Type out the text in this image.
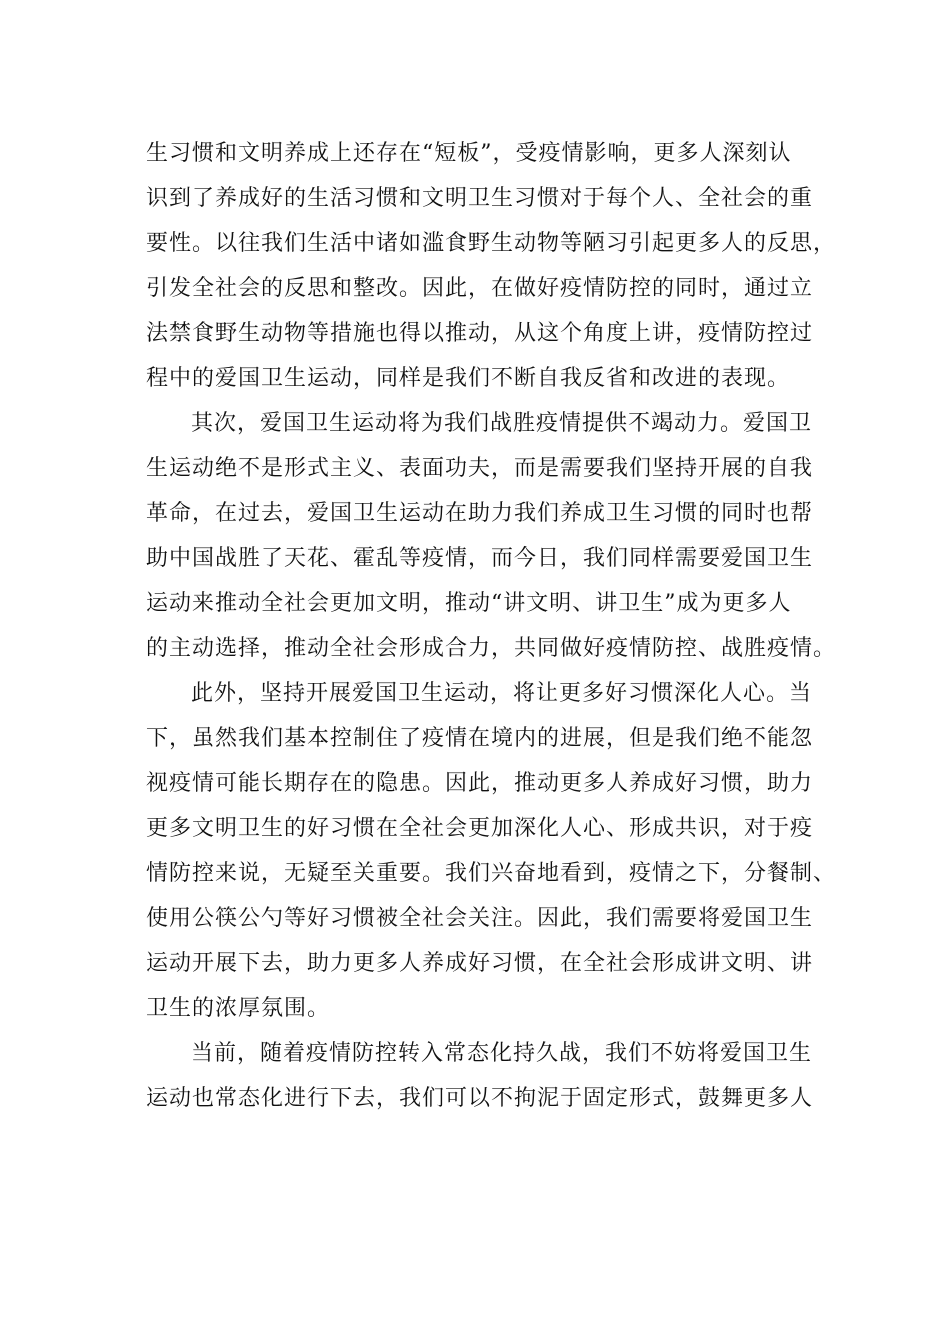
生习惯和文明养成上还存在“短板”，受疫情影响，更多人深刻认
识到了养成好的生活习惯和文明卫生习惯对于每个人、全社会的重
要性。以往我们生活中诸如滥食野生动物等陋习引起更多人的反思，
引发全社会的反思和整改。因此，在做好疫情防控的同时，通过立
法禁食野生动物等措施也得以推动，从这个角度上讲，疫情防控过
程中的爱国卫生运动，同样是我们不断自我反省和改进的表现。
其次，爱国卫生运动将为我们战胜疫情提供不竭动力。爱国卫
生运动绝不是形式主义、表面功夫，而是需要我们坚持开展的自我
革命，在过去，爱国卫生运动在助力我们养成卫生习惯的同时也帮
助中国战胜了天花、霍乱等疫情，而今日，我们同样需要爱国卫生
运动来推动全社会更加文明，推动“讲文明、讲卫生”成为更多人
的主动选择，推动全社会形成合力，共同做好疫情防控、战胜疫情。
此外，坚持开展爱国卫生运动，将让更多好习惯深化人心。当
下，虽然我们基本控制住了疫情在境内的进展，但是我们绝不能忽
视疫情可能长期存在的隐患。因此，推动更多人养成好习惯，助力
更多文明卫生的好习惯在全社会更加深化人心、形成共识，对于疫
情防控来说，无疑至关重要。我们兴奋地看到，疫情之下，分餐制、
使用公筷公勺等好习惯被全社会关注。因此，我们需要将爱国卫生
运动开展下去，助力更多人养成好习惯，在全社会形成讲文明、讲
卫生的浓厚氛围。
当前，随着疫情防控转入常态化持久战，我们不妨将爱国卫生
运动也常态化进行下去，我们可以不拘泥于固定形式，鼓舞更多人
